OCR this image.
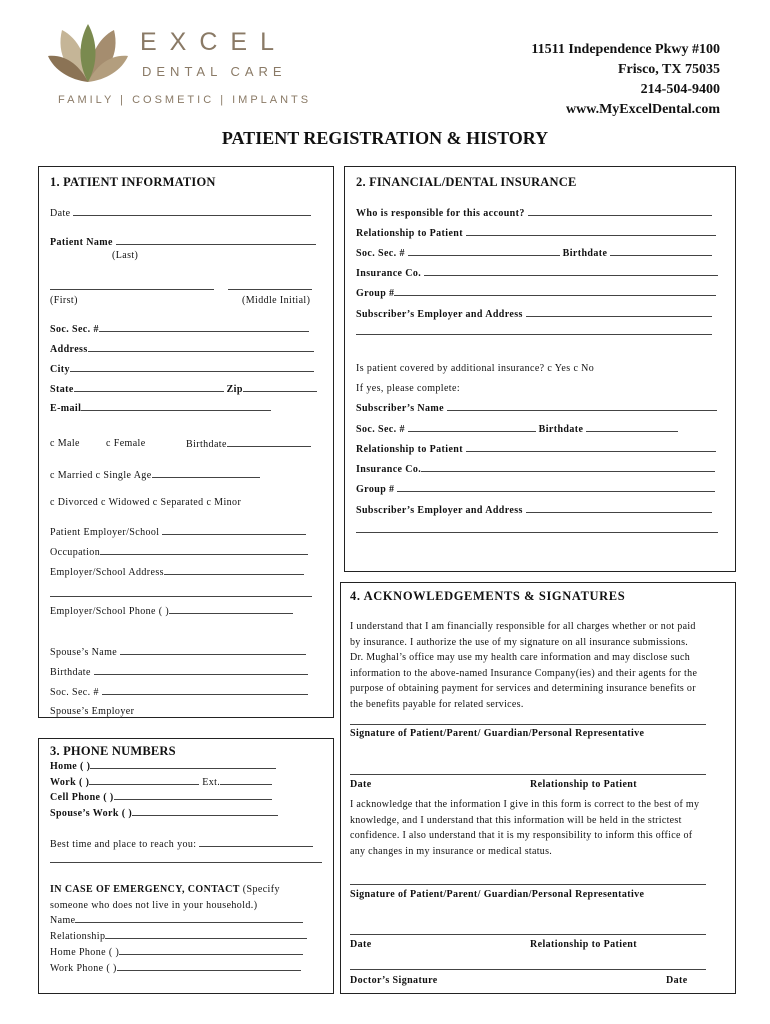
EXCEL
DENTAL CARE
FAMILY | COSMETIC | IMPLANTS
11511 Independence Pkwy #100
Frisco, TX 75035
214-504-9400
www.MyExcelDental.com
PATIENT REGISTRATION & HISTORY
1. PATIENT INFORMATION
Date
Patient Name
(Last)
(First)	(Middle Initial)
Soc. Sec. #
Address
City
State	Zip
E-mail
c Male	c Female	Birthdate
c Married c Single Age
c Divorced c Widowed c Separated c Minor
Patient Employer/School
Occupation
Employer/School Address
Employer/School Phone ( )
Spouse’s Name
Birthdate
Soc. Sec. #
Spouse’s Employer
2. FINANCIAL/DENTAL INSURANCE
Who is responsible for this account?
Relationship to Patient
Soc. Sec. #	Birthdate
Insurance Co.
Group #
Subscriber’s Employer and Address
Is patient covered by additional insurance? c Yes c No
If yes, please complete:
Subscriber’s Name
Soc. Sec. #	Birthdate
Relationship to Patient
Insurance Co.
Group #
Subscriber’s Employer and Address
3. PHONE NUMBERS
Home ( )
Work ( )	Ext.
Cell Phone ( )
Spouse’s Work ( )
Best time and place to reach you:
IN CASE OF EMERGENCY, CONTACT (Specify
someone who does not live in your household.)
Name
Relationship
Home Phone ( )
Work Phone ( )
4. ACKNOWLEDGEMENTS & SIGNATURES
I understand that I am financially responsible for all charges whether or not paid
by insurance. I authorize the use of my signature on all insurance submissions.
Dr. Mughal’s office may use my health care information and may disclose such
information to the above-named Insurance Company(ies) and their agents for the
purpose of obtaining payment for services and determining insurance benefits or
the benefits payable for related services.
Signature of Patient/Parent/ Guardian/Personal Representative
Date	Relationship to Patient
I acknowledge that the information I give in this form is correct to the best of my
knowledge, and I understand that this information will be held in the strictest
confidence. I also understand that it is my responsibility to inform this office of
any changes in my insurance or medical status.
Signature of Patient/Parent/ Guardian/Personal Representative
Date	Relationship to Patient
Doctor’s Signature	Date
